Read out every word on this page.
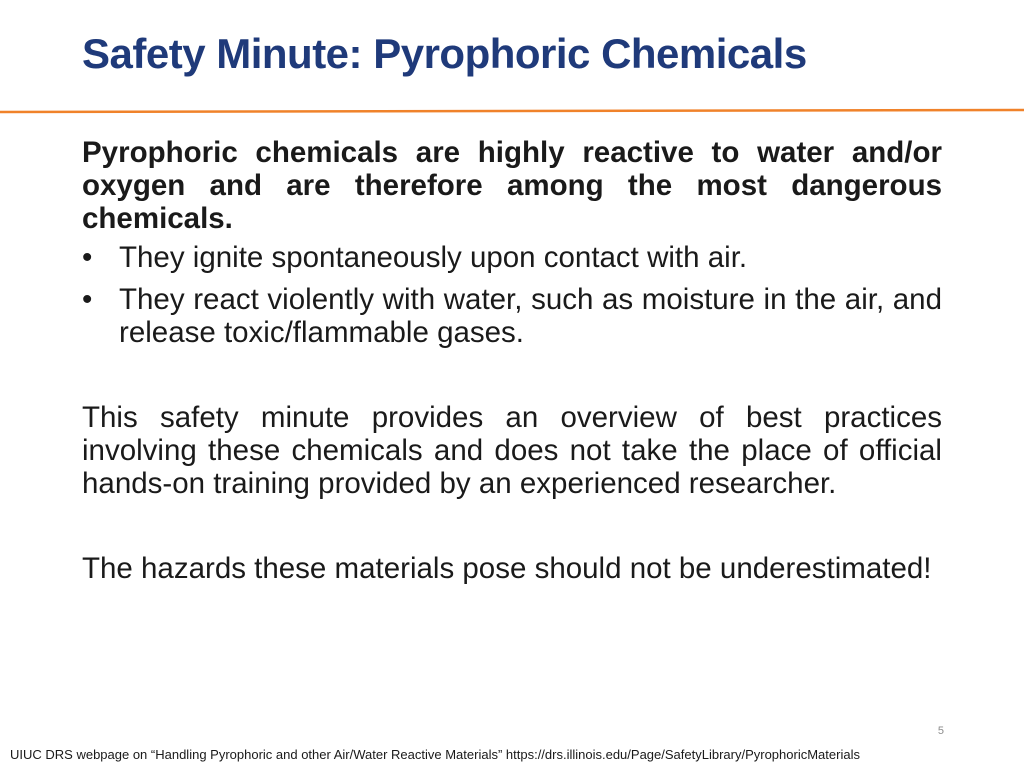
Safety Minute: Pyrophoric Chemicals

Pyrophoric chemicals are highly reactive to water and/or oxygen and are therefore among the most dangerous chemicals.

• They ignite spontaneously upon contact with air.
• They react violently with water, such as moisture in the air, and release toxic/flammable gases.

This safety minute provides an overview of best practices involving these chemicals and does not take the place of official hands-on training provided by an experienced researcher.

The hazards these materials pose should not be underestimated!

5
UIUC DRS webpage on “Handling Pyrophoric and other Air/Water Reactive Materials” https://drs.illinois.edu/Page/SafetyLibrary/PyrophoricMaterials
